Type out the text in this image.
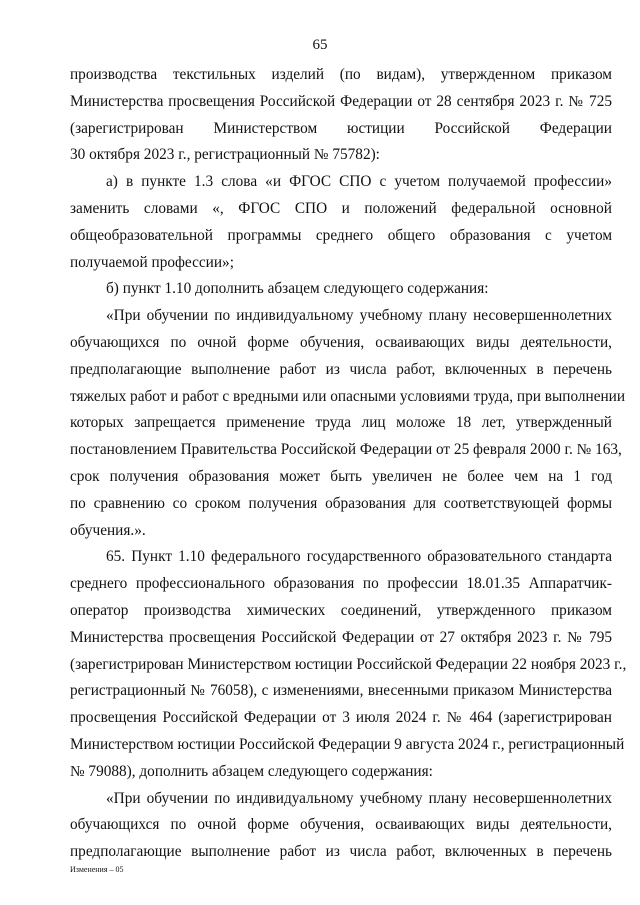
65
производства текстильных изделий (по видам), утвержденном приказом
Министерства просвещения Российской Федерации от 28 сентября 2023 г. № 725
(зарегистрирован Министерством юстиции Российской Федерации
30 октября 2023 г., регистрационный № 75782):
а) в пункте 1.3 слова «и ФГОС СПО с учетом получаемой профессии»
заменить словами «, ФГОС СПО и положений федеральной основной
общеобразовательной программы среднего общего образования с учетом
получаемой профессии»;
б) пункт 1.10 дополнить абзацем следующего содержания:
«При обучении по индивидуальному учебному плану несовершеннолетних
обучающихся по очной форме обучения, осваивающих виды деятельности,
предполагающие выполнение работ из числа работ, включенных в перечень
тяжелых работ и работ с вредными или опасными условиями труда, при выполнении
которых запрещается применение труда лиц моложе 18 лет, утвержденный
постановлением Правительства Российской Федерации от 25 февраля 2000 г. № 163,
срок получения образования может быть увеличен не более чем на 1 год
по сравнению со сроком получения образования для соответствующей формы
обучения.».
65. Пункт 1.10 федерального государственного образовательного стандарта
среднего профессионального образования по профессии 18.01.35 Аппаратчик-
оператор производства химических соединений, утвержденного приказом
Министерства просвещения Российской Федерации от 27 октября 2023 г. № 795
(зарегистрирован Министерством юстиции Российской Федерации 22 ноября 2023 г.,
регистрационный № 76058), с изменениями, внесенными приказом Министерства
просвещения Российской Федерации от 3 июля 2024 г. № 464 (зарегистрирован
Министерством юстиции Российской Федерации 9 августа 2024 г., регистрационный
№ 79088), дополнить абзацем следующего содержания:
«При обучении по индивидуальному учебному плану несовершеннолетних
обучающихся по очной форме обучения, осваивающих виды деятельности,
предполагающие выполнение работ из числа работ, включенных в перечень
Изменения – 05
